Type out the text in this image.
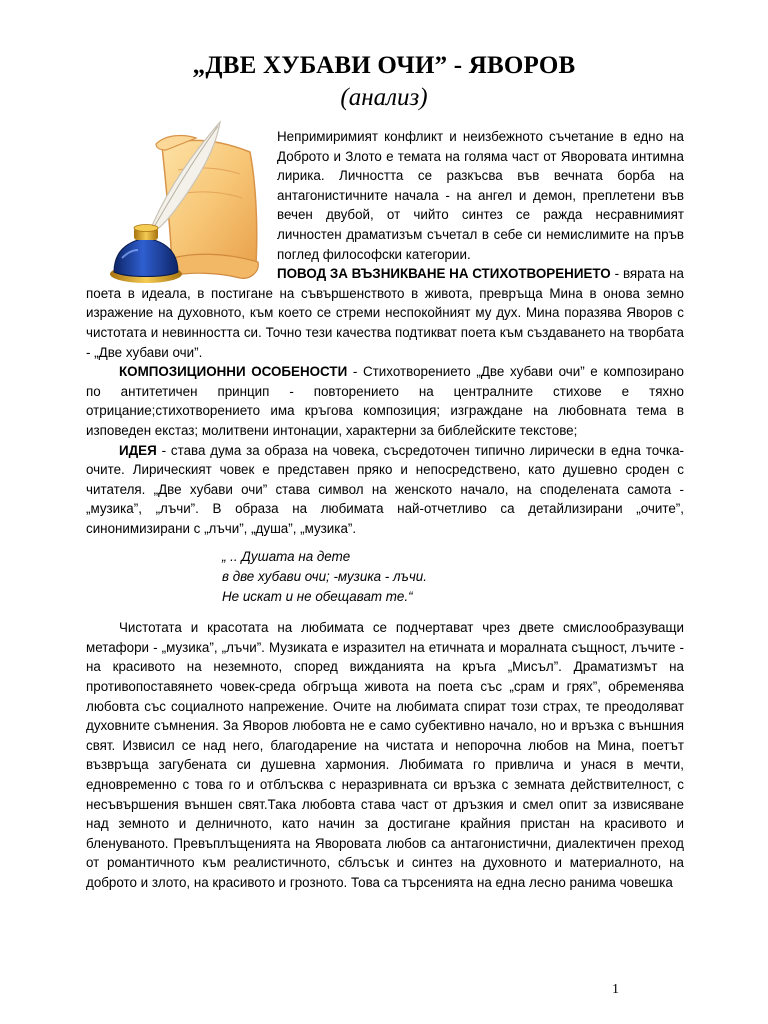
„ДВЕ ХУБАВИ ОЧИ” - ЯВОРОВ
(анализ)

Непримиримият конфликт и неизбежното съчетание в едно на Доброто и Злото е темата на голяма част от Яворовата интимна лирика. Личността се разкъсва във вечната борба на антагонистичните начала - на ангел и демон, преплетени във вечен двубой, от чийто синтез се ражда несравнимият личностен драматизъм съчетал в себе си немислимите на пръв поглед философски категории.

ПОВОД ЗА ВЪЗНИКВАНЕ НА СТИХОТВОРЕНИЕТО - вярата на поета в идеала, в постигане на съвършенството в живота, превръща Мина в онова земно изражение на духовното, към което се стреми неспокойният му дух. Мина поразява Яворов с чистотата и невинността си. Точно тези качества подтикват поета към създаването на творбата - „Две хубави очи”.

КОМПОЗИЦИОННИ ОСОБЕНОСТИ - Стихотворението „Две хубави очи” е композирано по антитетичен принцип - повторението на централните стихове е тяхно отрицание;стихотворението има кръгова композиция; изграждане на любовната тема в изповеден екстаз; молитвени интонации, характерни за библейските текстове;

ИДЕЯ - става дума за образа на човека, съсредоточен типично лирически в една точка-очите. Лирическият човек е представен пряко и непосредствено, като душевно сроден с читателя. „Две хубави очи” става символ на женското начало, на споделената самота - „музика”, „лъчи”. В образа на любимата най-отчетливо са детайлизирани „очите”, синонимизирани с „лъчи”, „душа”, „музика”.

„ .. Душата на дете
в две хубави очи; -музика - лъчи.
Не искат и не обещават те.“

Чистотата и красотата на любимата се подчертават чрез двете смислообразуващи метафори - „музика”, „лъчи”. Музиката е изразител на етичната и моралната същност, лъчите - на красивото на неземното, според вижданията на кръга „Мисъл”. Драматизмът на противопоставянето човек-среда обгръща живота на поета със „срам и грях”, обременява любовта със социалното напрежение. Очите на любимата спират този страх, те преодоляват духовните съмнения. За Яворов любовта не е само субективно начало, но и връзка с външния свят. Извисил се над него, благодарение на чистата и непорочна любов на Мина, поетът възвръща загубената си душевна хармония. Любимата го привлича и унася в мечти, едновременно с това го и отблъсква с неразривната си връзка с земната действителност, с несъвършения външен свят.Така любовта става част от дръзкия и смел опит за извисяване над земното и делничното, като начин за достигане крайния пристан на красивото и бленуваното. Превъплъщенията на Яворовата любов са антагонистични, диалектичен преход от романтичното към реалистичното, сблъсък и синтез на духовното и материалното, на доброто и злото, на красивото и грозното. Това са търсенията на една лесно ранима човешка

1
